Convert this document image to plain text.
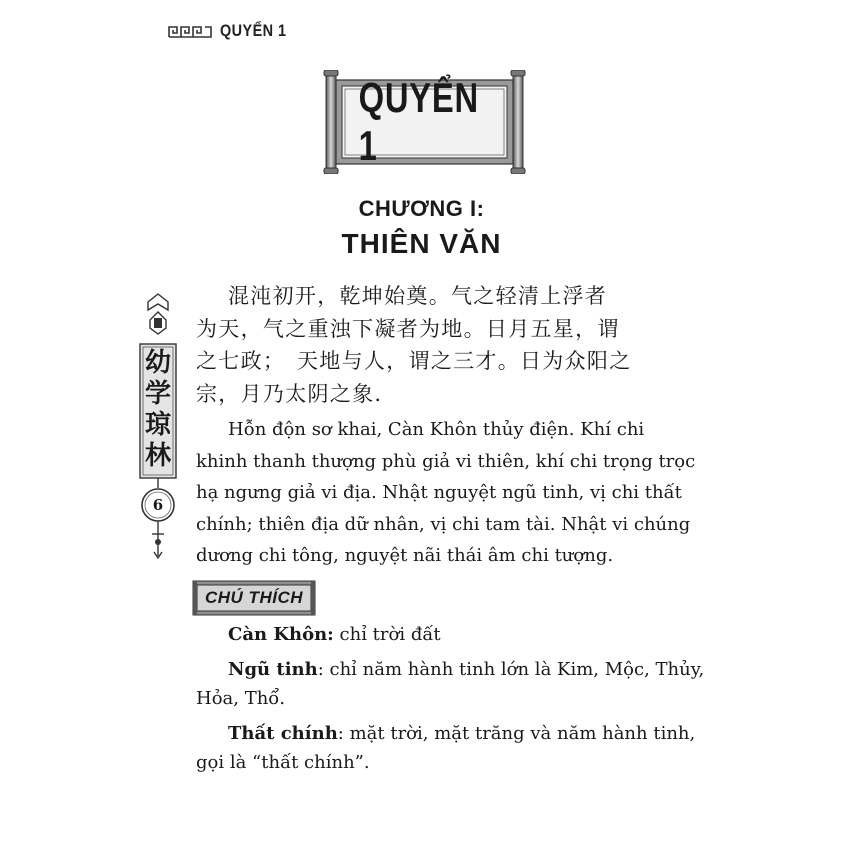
QUYỂN 1
QUYỂN 1
CHƯƠNG I:
THIÊN VĂN
幼
学
琼
林
6
混沌初开，乾坤始奠。气之轻清上浮者
为天，气之重浊下凝者为地。日月五星，谓
之七政；　天地与人，谓之三才。日为众阳之
宗，月乃太阴之象.
Hỗn độn sơ khai, Càn Khôn thủy điện. Khí chi
khinh thanh thượng phù giả vi thiên, khí chi trọng trọc
hạ ngưng giả vi địa. Nhật nguyệt ngũ tinh, vị chi thất
chính; thiên địa dữ nhân, vị chi tam tài. Nhật vi chúng
dương chi tông, nguyệt nãi thái âm chi tượng.
CHÚ THÍCH
Càn Khôn: chỉ trời đất
Ngũ tinh: chỉ năm hành tinh lớn là Kim, Mộc, Thủy,
Hỏa, Thổ.
Thất chính: mặt trời, mặt trăng và năm hành tinh,
gọi là “thất chính”.
